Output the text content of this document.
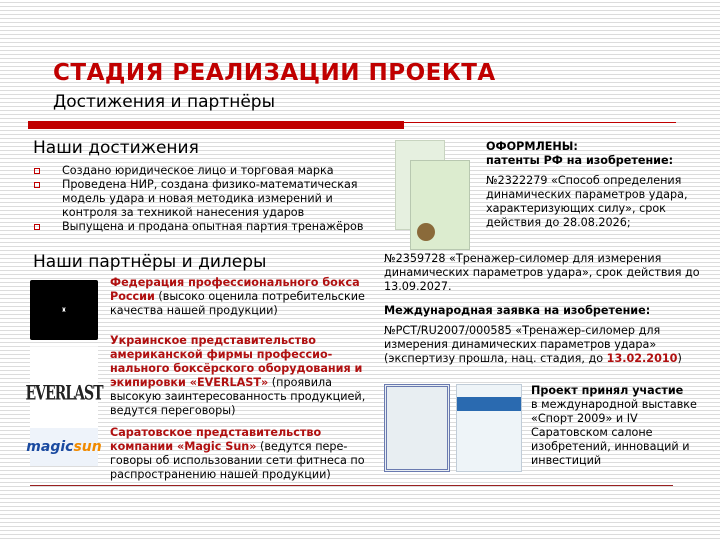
СТАДИЯ РЕАЛИЗАЦИИ ПРОЕКТА
Достижения и партнёры
Наши достижения
Создано юридическое лицо и торговая марка
Проведена НИР, создана физико-математическая модель удара и новая методика измерений и контроля за техникой нанесения ударов
Выпущена и продана опытная партия тренажёров
Наши партнёры и дилеры
♜
EVERLAST
magic sun
Федерация профессионального бокса России (высоко оценила потребительские качества нашей продукции)
Украинское представительство американской фирмы профессио-нального боксёрского оборудования и экипировки «EVERLAST» (проявила высокую заинтересованность продукцией, ведутся переговоры)
Саратовское представительство компании «Magic Sun» (ведутся пере-говоры об использовании сети фитнеса по распространению нашей продукции)
ОФОРМЛЕНЫ:
патенты РФ на изобретение:
№2322279 «Способ определения динамических параметров удара, характеризующих силу», срок действия до 28.08.2026;
№2359728 «Тренажер-силомер для измерения динамических параметров удара», срок действия до 13.09.2027.
Международная заявка на изобретение:
№PCT/RU2007/000585 «Тренажер-силомер для измерения динамических параметров удара» (экспертизу прошла, нац. стадия, до 13.02.2010)
Проект принял участие
в международной выставке «Спорт 2009» и IV Саратовском салоне изобретений, инноваций и инвестиций
